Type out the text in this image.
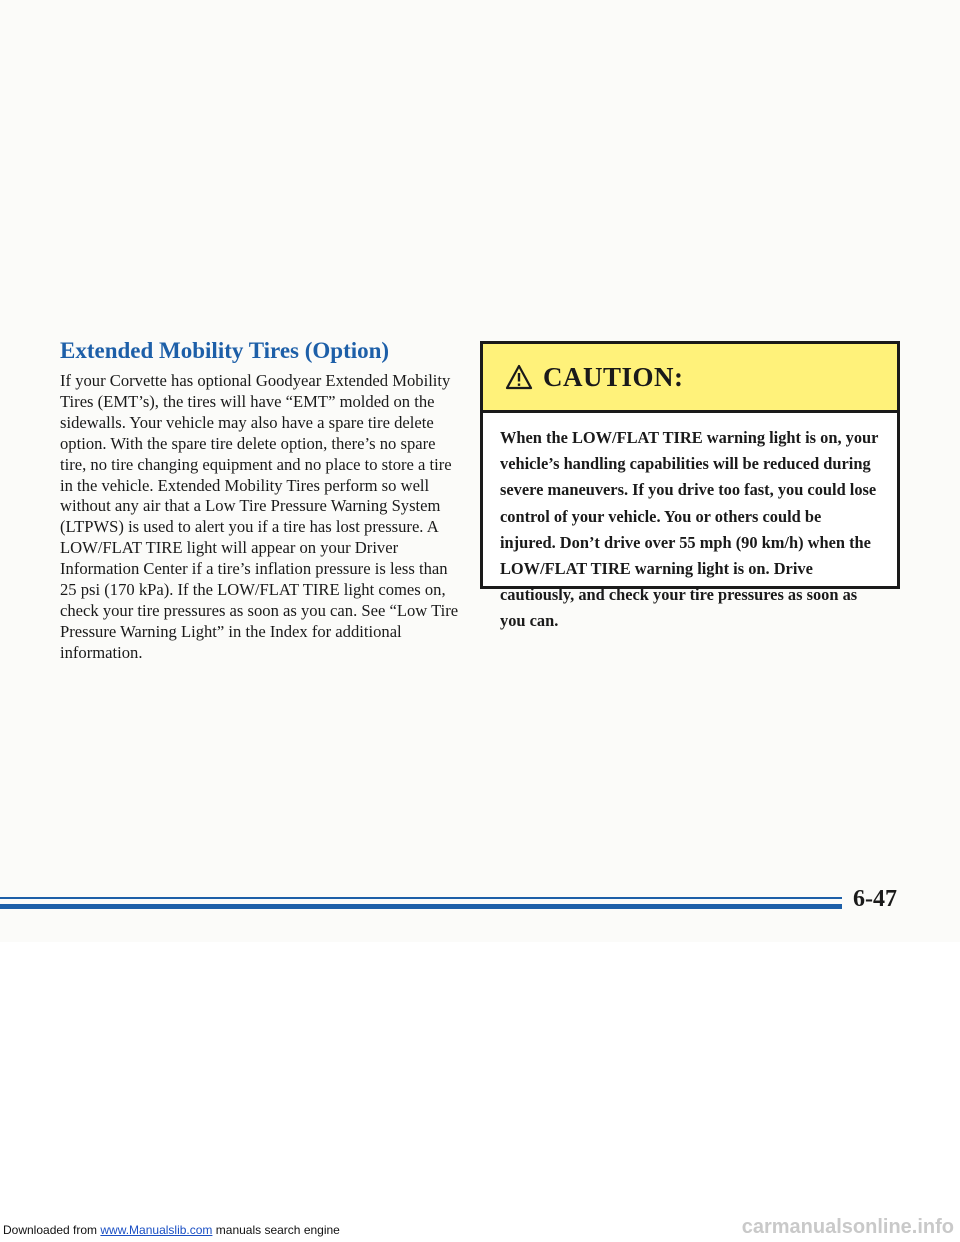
Extended Mobility Tires (Option)

If your Corvette has optional Goodyear Extended Mobility Tires (EMT’s), the tires will have “EMT” molded on the sidewalls. Your vehicle may also have a spare tire delete option. With the spare tire delete option, there’s no spare tire, no tire changing equipment and no place to store a tire in the vehicle. Extended Mobility Tires perform so well without any air that a Low Tire Pressure Warning System (LTPWS) is used to alert you if a tire has lost pressure. A LOW/FLAT TIRE light will appear on your Driver Information Center if a tire’s inflation pressure is less than 25 psi (170 kPa). If the LOW/FLAT TIRE light comes on, check your tire pressures as soon as you can. See “Low Tire Pressure Warning Light” in the Index for additional information.

CAUTION:

When the LOW/FLAT TIRE warning light is on, your vehicle’s handling capabilities will be reduced during severe maneuvers. If you drive too fast, you could lose control of your vehicle. You or others could be injured. Don’t drive over 55 mph (90 km/h) when the LOW/FLAT TIRE warning light is on. Drive cautiously, and check your tire pressures as soon as you can.

6-47
Downloaded from www.Manualslib.com manuals search engine	carmanualsonline.info
